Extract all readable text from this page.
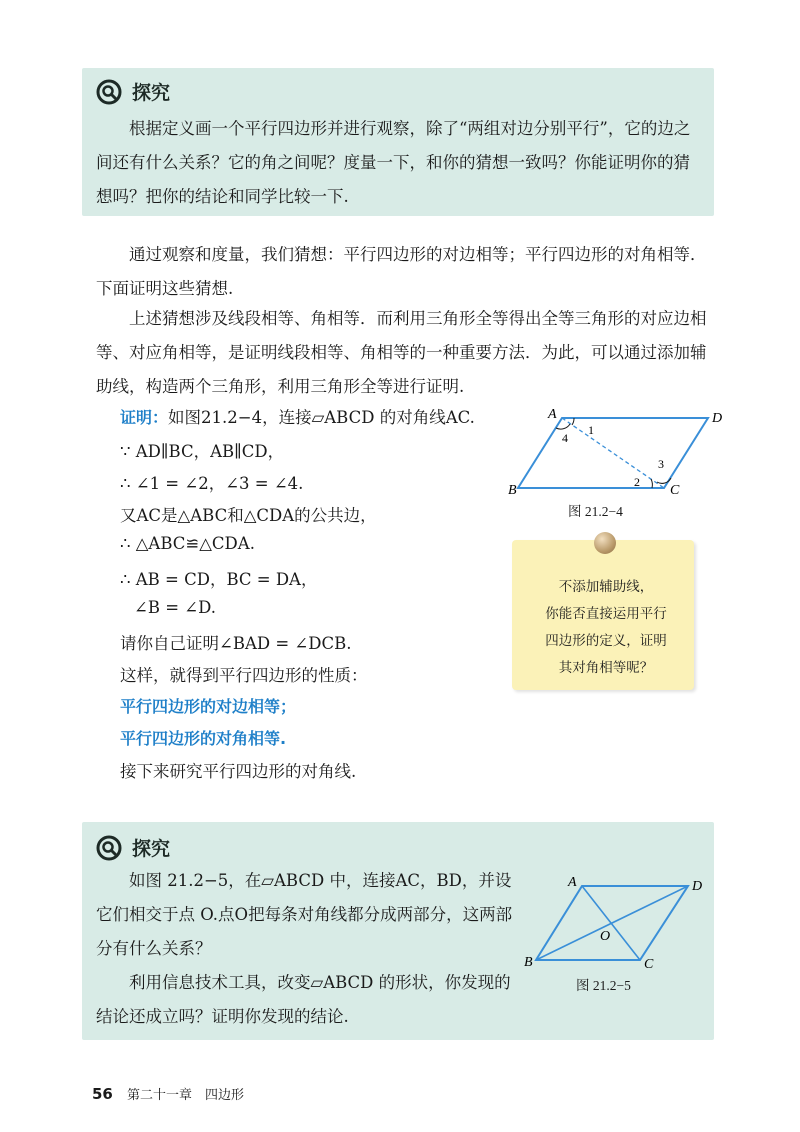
探究

根据定义画一个平行四边形并进行观察，除了“两组对边分别平行”，它的边之间还有什么关系？它的角之间呢？度量一下，和你的猜想一致吗？你能证明你的猜想吗？把你的结论和同学比较一下.

通过观察和度量，我们猜想：平行四边形的对边相等；平行四边形的对角相等．下面证明这些猜想.

上述猜想涉及线段相等、角相等．而利用三角形全等得出全等三角形的对应边相等、对应角相等，是证明线段相等、角相等的一种重要方法．为此，可以通过添加辅助线，构造两个三角形，利用三角形全等进行证明.

证明：如图21.2−4，连接▱ABCD 的对角线AC.
∵ AD∥BC，AB∥CD，
∴ ∠1 = ∠2，∠3 = ∠4.
又AC是△ABC和△CDA的公共边，
∴ △ABC≌△CDA.
∴ AB = CD，BC = DA，
∠B = ∠D.
请你自己证明∠BAD = ∠DCB.
这样，就得到平行四边形的性质：
平行四边形的对边相等；
平行四边形的对角相等.
接下来研究平行四边形的对角线.
A	D
B	C
1
4
2
3
图 21.2−4
不添加辅助线，
你能否直接运用平行
四边形的定义，证明
其对角相等呢？
探究

如图 21.2−5，在▱ABCD 中，连接AC，BD，并设它们相交于点 O.点O把每条对角线都分成两部分，这两部分有什么关系？

利用信息技术工具，改变▱ABCD 的形状，你发现的结论还成立吗？证明你发现的结论.

A	D
B	C
O
图 21.2−5
56 第二十一章　四边形
